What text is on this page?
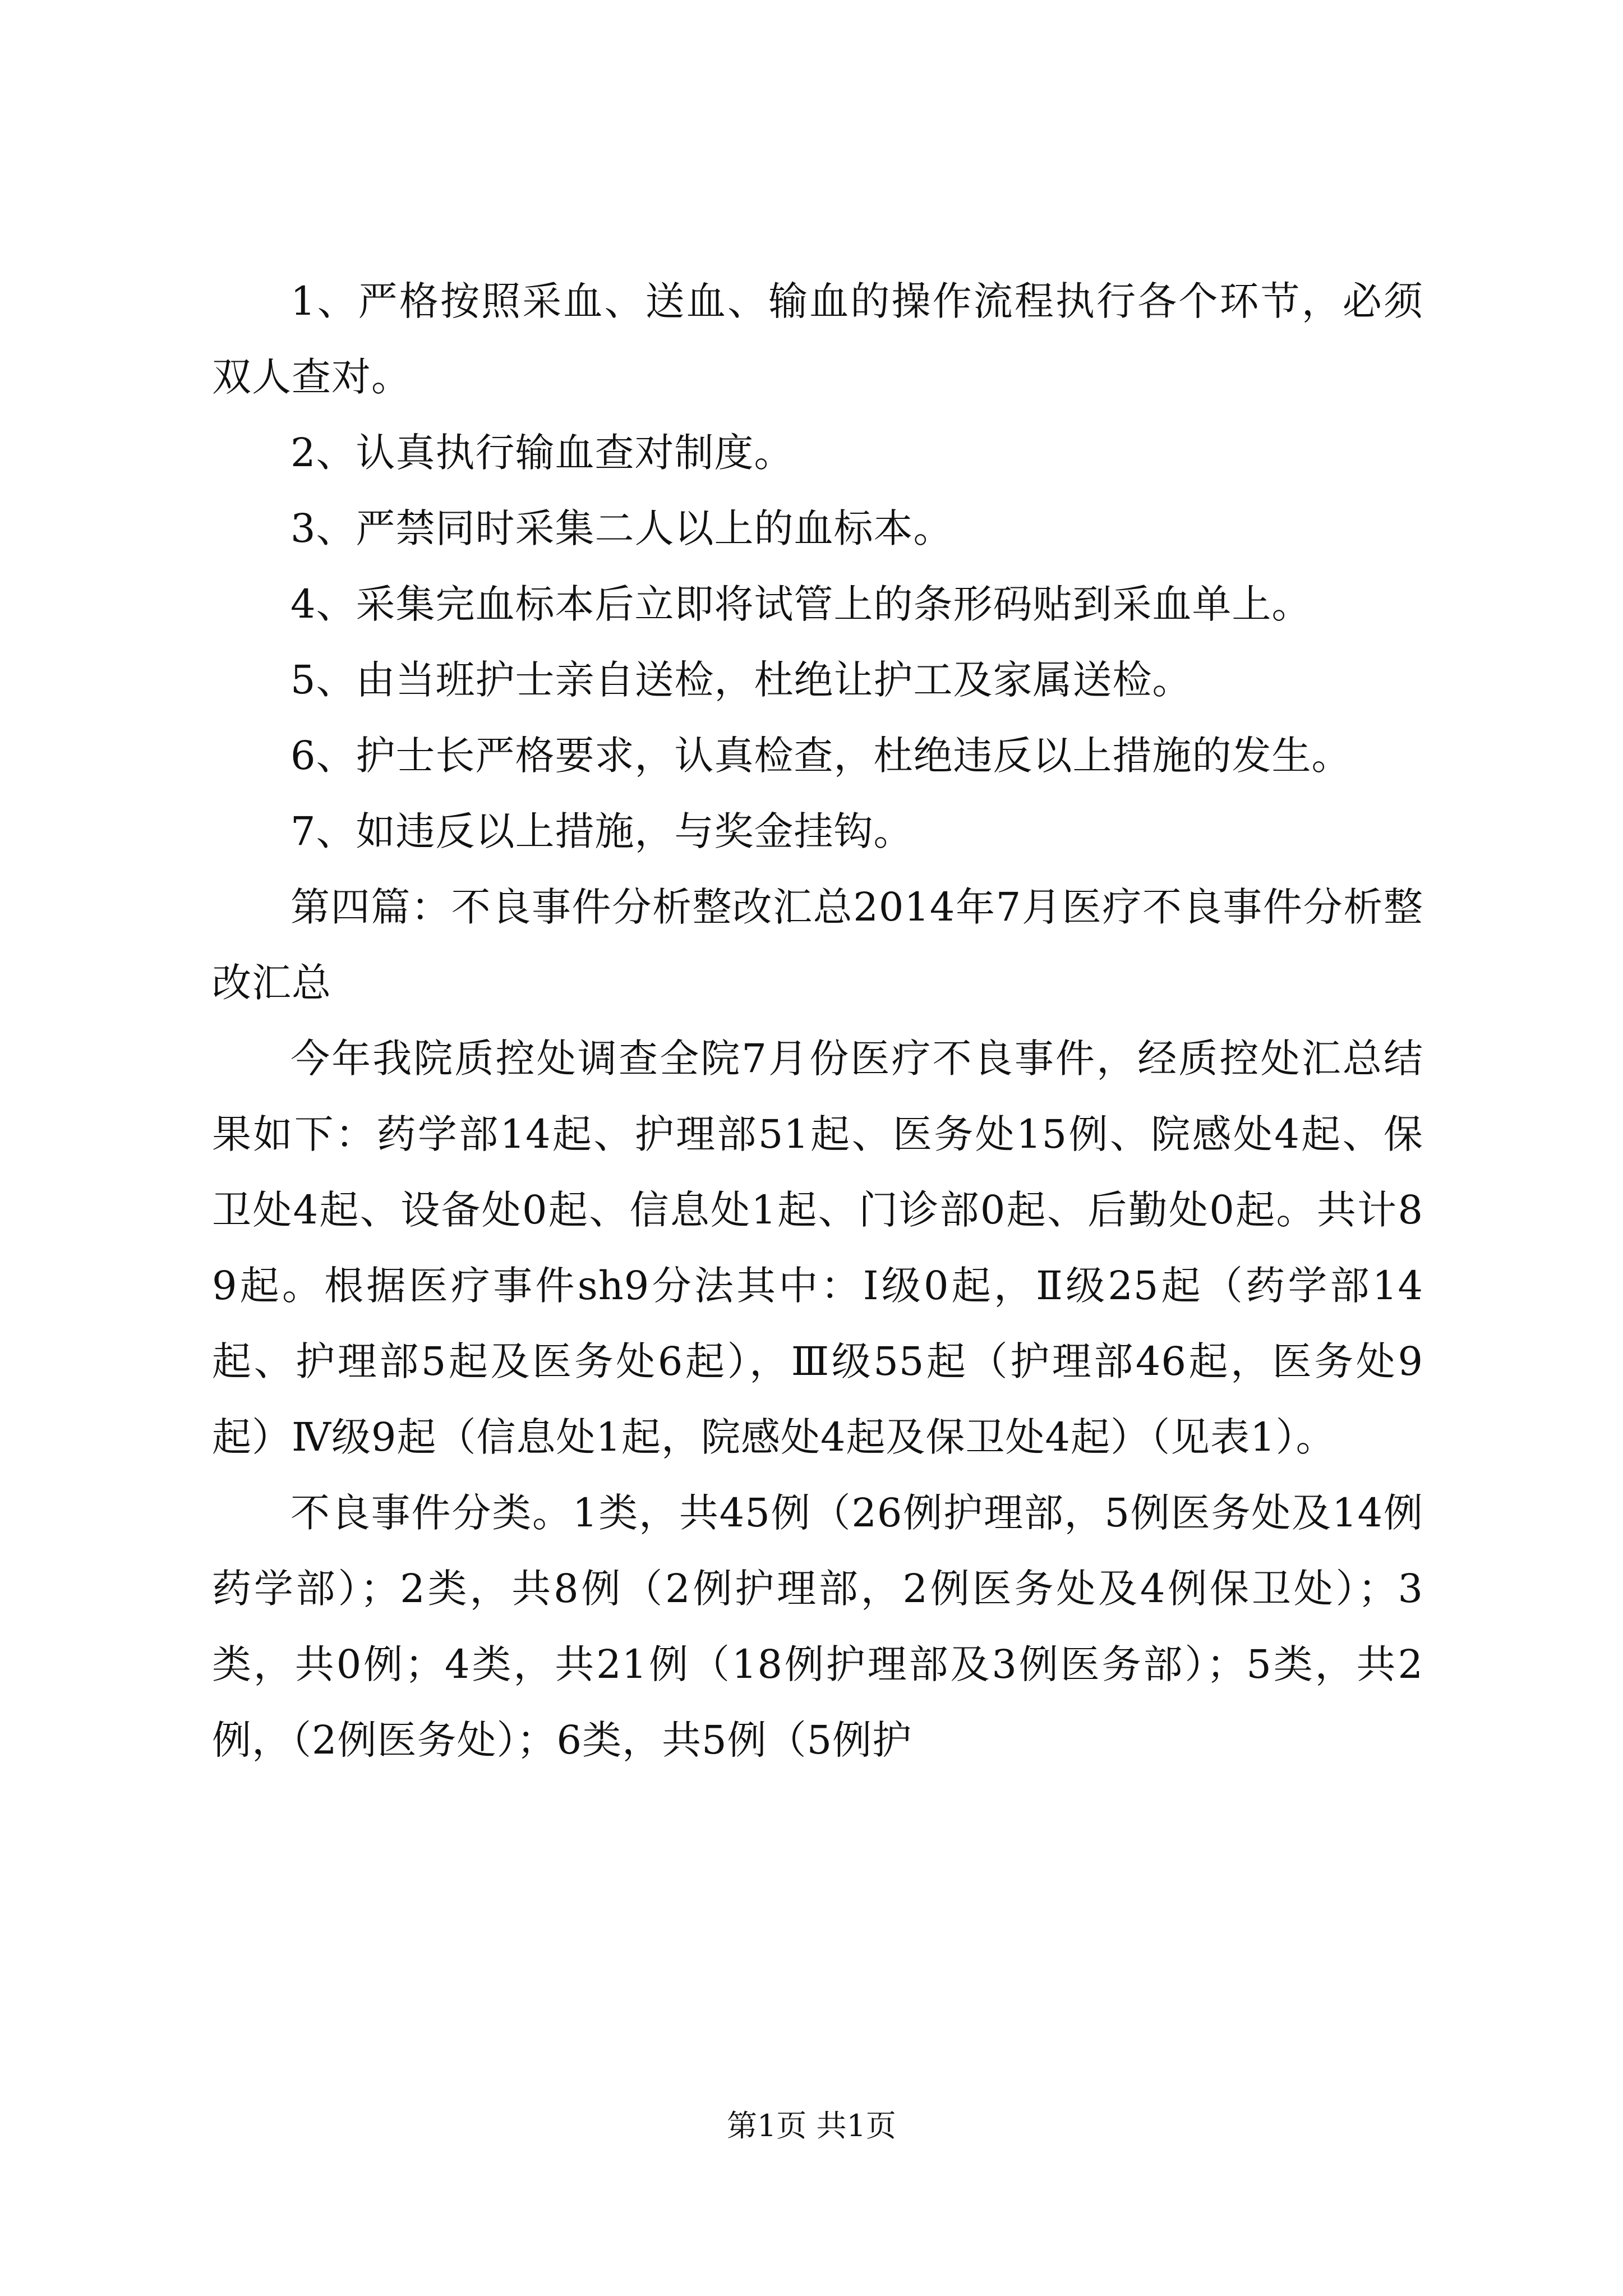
1、严格按照采血、送血、输血的操作流程执行各个环节，必须双人查对。

2、认真执行输血查对制度。

3、严禁同时采集二人以上的血标本。

4、采集完血标本后立即将试管上的条形码贴到采血单上。

5、由当班护士亲自送检，杜绝让护工及家属送检。

6、护士长严格要求，认真检查，杜绝违反以上措施的发生。

7、如违反以上措施，与奖金挂钩。

第四篇：不良事件分析整改汇总2014年7月医疗不良事件分析整改汇总

今年我院质控处调查全院7月份医疗不良事件，经质控处汇总结果如下：药学部14起、护理部51起、医务处15例、院感处4起、保卫处4起、设备处0起、信息处1起、门诊部0起、后勤处0起。共计89起。根据医疗事件sh9分法其中：Ⅰ级0起，Ⅱ级25起（药学部14起、护理部5起及医务处6起），Ⅲ级55起（护理部46起，医务处9起）Ⅳ级9起（信息处1起，院感处4起及保卫处4起）（见表1）。

不良事件分类。1类，共45例（26例护理部，5例医务处及14例药学部）；2类，共8例（2例护理部，2例医务处及4例保卫处）；3类，共0例；4类，共21例（18例护理部及3例医务部）；5类，共2例，（2例医务处）；6类，共5例（5例护

第1页 共1页
